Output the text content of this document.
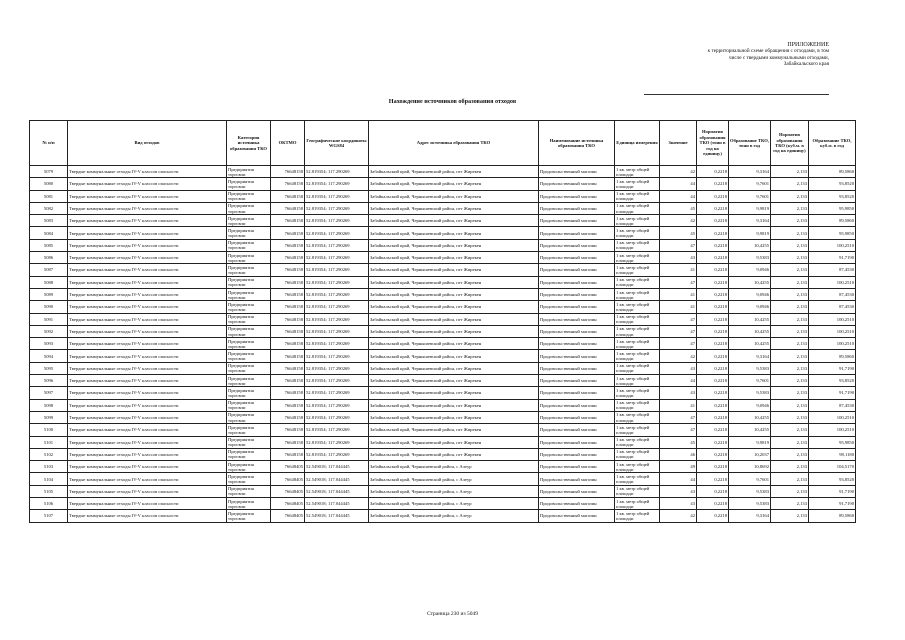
ПРИЛОЖЕНИЕ
к территориальной схеме обращения с отходами, в том
числе с твердыми коммунальными отходами,
Забайкальского края
Нахождение источников образования отходов
№ п/п	Вид отходов	Категория источника образования ТКО	ОКТМО	Географические координаты WGS84	Адрес источника образования ТКО	Наименование источника образования ТКО	Единица измерения	Значение	Норматив образования ТКО (тонн в год на единицу)	Образование ТКО, тонн в год	Норматив образования ТКО (куб.м. в год на единицу)	Образование ТКО, куб.м. в год
5079	Твердые коммунальные отходы IV-V классов опасности	Предприятия торговли	76648158	52.819354; 117.290269	Забайкальский край, Чернышевский район, пгт Жирекен	Продовольственный магазин	1 кв. метр общей площади	42	0,2218	9,3164	2,133	89,5860
5080	Твердые коммунальные отходы IV-V классов опасности	Предприятия торговли	76648158	52.819354; 117.290269	Забайкальский край, Чернышевский район, пгт Жирекен	Продовольственный магазин	1 кв. метр общей площади	44	0,2218	9,7601	2,133	93,8520
5081	Твердые коммунальные отходы IV-V классов опасности	Предприятия торговли	76648158	52.819354; 117.290269	Забайкальский край, Чернышевский район, пгт Жирекен	Продовольственный магазин	1 кв. метр общей площади	44	0,2218	9,7601	2,133	93,8520
5082	Твердые коммунальные отходы IV-V классов опасности	Предприятия торговли	76648158	52.819354; 117.290269	Забайкальский край, Чернышевский район, пгт Жирекен	Продовольственный магазин	1 кв. метр общей площади	45	0,2218	9,9819	2,133	95,9850
5083	Твердые коммунальные отходы IV-V классов опасности	Предприятия торговли	76648158	52.819354; 117.290269	Забайкальский край, Чернышевский район, пгт Жирекен	Продовольственный магазин	1 кв. метр общей площади	42	0,2218	9,3164	2,133	89,5860
5084	Твердые коммунальные отходы IV-V классов опасности	Предприятия торговли	76648158	52.819354; 117.290269	Забайкальский край, Чернышевский район, пгт Жирекен	Продовольственный магазин	1 кв. метр общей площади	45	0,2218	9,9819	2,133	95,9850
5085	Твердые коммунальные отходы IV-V классов опасности	Предприятия торговли	76648158	52.819354; 117.290269	Забайкальский край, Чернышевский район, пгт Жирекен	Продовольственный магазин	1 кв. метр общей площади	47	0,2218	10,4255	2,133	100,2510
5086	Твердые коммунальные отходы IV-V классов опасности	Предприятия торговли	76648158	52.819354; 117.290269	Забайкальский край, Чернышевский район, пгт Жирекен	Продовольственный магазин	1 кв. метр общей площади	43	0,2218	9,5383	2,133	91,7190
5087	Твердые коммунальные отходы IV-V классов опасности	Предприятия торговли	76648158	52.819354; 117.290269	Забайкальский край, Чернышевский район, пгт Жирекен	Продовольственный магазин	1 кв. метр общей площади	41	0,2218	9,0946	2,133	87,4530
5088	Твердые коммунальные отходы IV-V классов опасности	Предприятия торговли	76648158	52.819354; 117.290269	Забайкальский край, Чернышевский район, пгт Жирекен	Продовольственный магазин	1 кв. метр общей площади	47	0,2218	10,4255	2,133	100,2510
5089	Твердые коммунальные отходы IV-V классов опасности	Предприятия торговли	76648158	52.819354; 117.290269	Забайкальский край, Чернышевский район, пгт Жирекен	Продовольственный магазин	1 кв. метр общей площади	41	0,2218	9,0946	2,133	87,4530
5090	Твердые коммунальные отходы IV-V классов опасности	Предприятия торговли	76648158	52.819354; 117.290269	Забайкальский край, Чернышевский район, пгт Жирекен	Продовольственный магазин	1 кв. метр общей площади	41	0,2218	9,0946	2,133	87,4530
5091	Твердые коммунальные отходы IV-V классов опасности	Предприятия торговли	76648158	52.819354; 117.290269	Забайкальский край, Чернышевский район, пгт Жирекен	Продовольственный магазин	1 кв. метр общей площади	47	0,2218	10,4255	2,133	100,2510
5092	Твердые коммунальные отходы IV-V классов опасности	Предприятия торговли	76648158	52.819354; 117.290269	Забайкальский край, Чернышевский район, пгт Жирекен	Продовольственный магазин	1 кв. метр общей площади	47	0,2218	10,4255	2,133	100,2510
5093	Твердые коммунальные отходы IV-V классов опасности	Предприятия торговли	76648158	52.819354; 117.290269	Забайкальский край, Чернышевский район, пгт Жирекен	Продовольственный магазин	1 кв. метр общей площади	47	0,2218	10,4255	2,133	100,2510
5094	Твердые коммунальные отходы IV-V классов опасности	Предприятия торговли	76648158	52.819354; 117.290269	Забайкальский край, Чернышевский район, пгт Жирекен	Продовольственный магазин	1 кв. метр общей площади	42	0,2218	9,3164	2,133	89,5860
5095	Твердые коммунальные отходы IV-V классов опасности	Предприятия торговли	76648158	52.819354; 117.290269	Забайкальский край, Чернышевский район, пгт Жирекен	Продовольственный магазин	1 кв. метр общей площади	43	0,2218	9,5383	2,133	91,7190
5096	Твердые коммунальные отходы IV-V классов опасности	Предприятия торговли	76648158	52.819354; 117.290269	Забайкальский край, Чернышевский район, пгт Жирекен	Продовольственный магазин	1 кв. метр общей площади	44	0,2218	9,7601	2,133	93,8520
5097	Твердые коммунальные отходы IV-V классов опасности	Предприятия торговли	76648158	52.819354; 117.290269	Забайкальский край, Чернышевский район, пгт Жирекен	Продовольственный магазин	1 кв. метр общей площади	43	0,2218	9,5383	2,133	91,7190
5098	Твердые коммунальные отходы IV-V классов опасности	Предприятия торговли	76648158	52.819354; 117.290269	Забайкальский край, Чернышевский район, пгт Жирекен	Продовольственный магазин	1 кв. метр общей площади	41	0,2218	9,0946	2,133	87,4530
5099	Твердые коммунальные отходы IV-V классов опасности	Предприятия торговли	76648158	52.819354; 117.290269	Забайкальский край, Чернышевский район, пгт Жирекен	Продовольственный магазин	1 кв. метр общей площади	47	0,2218	10,4255	2,133	100,2510
5100	Твердые коммунальные отходы IV-V классов опасности	Предприятия торговли	76648158	52.819354; 117.290269	Забайкальский край, Чернышевский район, пгт Жирекен	Продовольственный магазин	1 кв. метр общей площади	47	0,2218	10,4255	2,133	100,2510
5101	Твердые коммунальные отходы IV-V классов опасности	Предприятия торговли	76648158	52.819354; 117.290269	Забайкальский край, Чернышевский район, пгт Жирекен	Продовольственный магазин	1 кв. метр общей площади	45	0,2218	9,9819	2,133	95,9850
5102	Твердые коммунальные отходы IV-V классов опасности	Предприятия торговли	76648158	52.819354; 117.290269	Забайкальский край, Чернышевский район, пгт Жирекен	Продовольственный магазин	1 кв. метр общей площади	46	0,2218	10,2037	2,133	98,1180
5103	Твердые коммунальные отходы IV-V классов опасности	Предприятия торговли	76648405	52.549018; 117.044445	Забайкальский край, Чернышевский район, с Алеур	Продовольственный магазин	1 кв. метр общей площади	49	0,2218	10,8692	2,133	104,5170
5104	Твердые коммунальные отходы IV-V классов опасности	Предприятия торговли	76648405	52.549018; 117.044445	Забайкальский край, Чернышевский район, с Алеур	Продовольственный магазин	1 кв. метр общей площади	44	0,2218	9,7601	2,133	93,8520
5105	Твердые коммунальные отходы IV-V классов опасности	Предприятия торговли	76648405	52.549018; 117.044445	Забайкальский край, Чернышевский район, с Алеур	Продовольственный магазин	1 кв. метр общей площади	43	0,2218	9,5383	2,133	91,7190
5106	Твердые коммунальные отходы IV-V классов опасности	Предприятия торговли	76648405	52.549018; 117.044445	Забайкальский край, Чернышевский район, с Алеур	Продовольственный магазин	1 кв. метр общей площади	43	0,2218	9,5383	2,133	91,7190
5107	Твердые коммунальные отходы IV-V классов опасности	Предприятия торговли	76648405	52.549018; 117.044445	Забайкальский край, Чернышевский район, с Алеур	Продовольственный магазин	1 кв. метр общей площади	42	0,2218	9,3164	2,133	89,5860
Страница 230 из 5049
